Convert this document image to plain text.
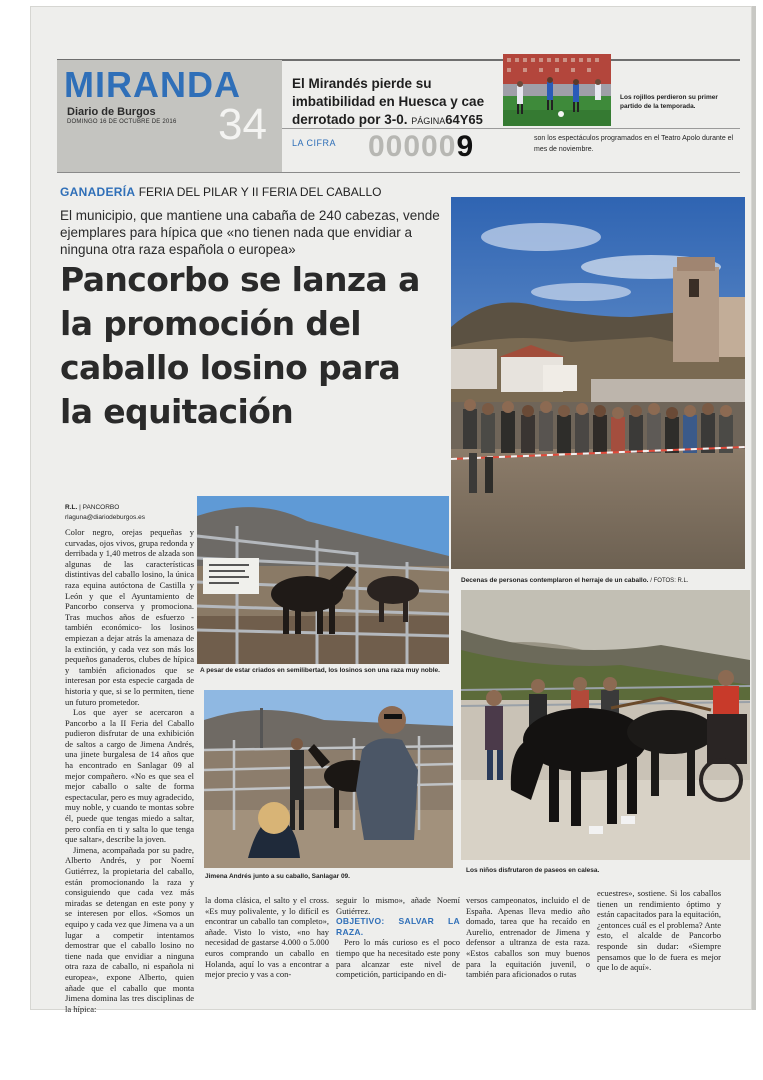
MIRANDA
Diario de Burgos
DOMINGO 16 DE OCTUBRE DE 2016 34
El Mirandés pierde su imbatibilidad en Huesca y cae derrotado por 3-0. PÁGINA64Y65
Los rojillos perdieron su primer partido de la temporada.
LA CIFRA 000009	son los espectáculos programados en el Teatro Apolo durante el mes de noviembre.
GANADERÍA FERIA DEL PILAR Y II FERIA DEL CABALLO
El municipio, que mantiene una cabaña de 240 cabezas, vende ejemplares para hípica que «no tienen nada que envidiar a ninguna otra raza española o europea»
Pancorbo se lanza a la promoción del caballo losino para la equitación
R.L. | PANCORBO
rlaguna@diariodeburgos.es
Decenas de personas contemplaron el herraje de un caballo. / FOTOS: R.L.
A pesar de estar criados en semilibertad, los losinos son una raza muy noble.
Jimena Andrés junto a su caballo, Sanlagar 09.
Los niños disfrutaron de paseos en calesa.

Color negro, orejas pequeñas y curvadas, ojos vivos, grupa redonda y derribada y 1,40 metros de alzada son algunas de las características distintivas del caballo losino, la única raza equina autóctona de Castilla y León y que el Ayuntamiento de Pancorbo conserva y promociona. Tras muchos años de esfuerzo -también económico- los losinos empiezan a dejar atrás la amenaza de la extinción, y cada vez son más los pequeños ganaderos, clubes de hípica y también aficionados que se interesan por esta especie cargada de historia y que, si se lo permiten, tiene un futuro prometedor.

Los que ayer se acercaron a Pancorbo a la II Feria del Caballo pudieron disfrutar de una exhibición de saltos a cargo de Jimena Andrés, una jinete burgalesa de 14 años que ha encontrado en Sanlagar 09 al mejor compañero. «No es que sea el mejor caballo o salte de forma espectacular, pero es muy agradecido, muy noble, y cuando te montas sobre él, puede que tengas miedo a saltar, pero confía en ti y salta lo que tenga que saltar», describe la joven.

Jimena, acompañada por su padre, Alberto Andrés, y por Noemí Gutiérrez, la propietaria del caballo, están promocionando la raza y consiguiendo que cada vez más miradas se detengan en este pony y se interesen por ellos. «Somos un equipo y cada vez que Jimena va a un lugar a competir intentamos demostrar que el caballo losino no tiene nada que envidiar a ninguna otra raza de caballo, ni española ni europea», expone Alberto, quien añade que el caballo que monta Jimena domina las tres disciplinas de la hípica:

la doma clásica, el salto y el cross. «Es muy polivalente, y lo difícil es encontrar un caballo tan completo», añade. Visto lo visto, «no hay necesidad de gastarse 4.000 o 5.000 euros comprando un caballo en Holanda, aquí lo vas a encontrar a mejor precio y vas a con-

seguir lo mismo», añade Noemí Gutiérrez.

OBJETIVO: SALVAR LA RAZA.

Pero lo más curioso es el poco tiempo que ha necesitado este pony para alcanzar este nivel de competición, participando en di-

versos campeonatos, incluido el de España. Apenas lleva medio año domado, tarea que ha recaído en Aurelio, entrenador de Jimena y defensor a ultranza de esta raza. «Estos caballos son muy buenos para la equitación juvenil, o también para aficionados o rutas

ecuestres», sostiene. Si los caballos tienen un rendimiento óptimo y están capacitados para la equitación, ¿entonces cuál es el problema? Ante esto, el alcalde de Pancorbo responde sin dudar: «Siempre pensamos que lo de fuera es mejor que lo de aquí».
